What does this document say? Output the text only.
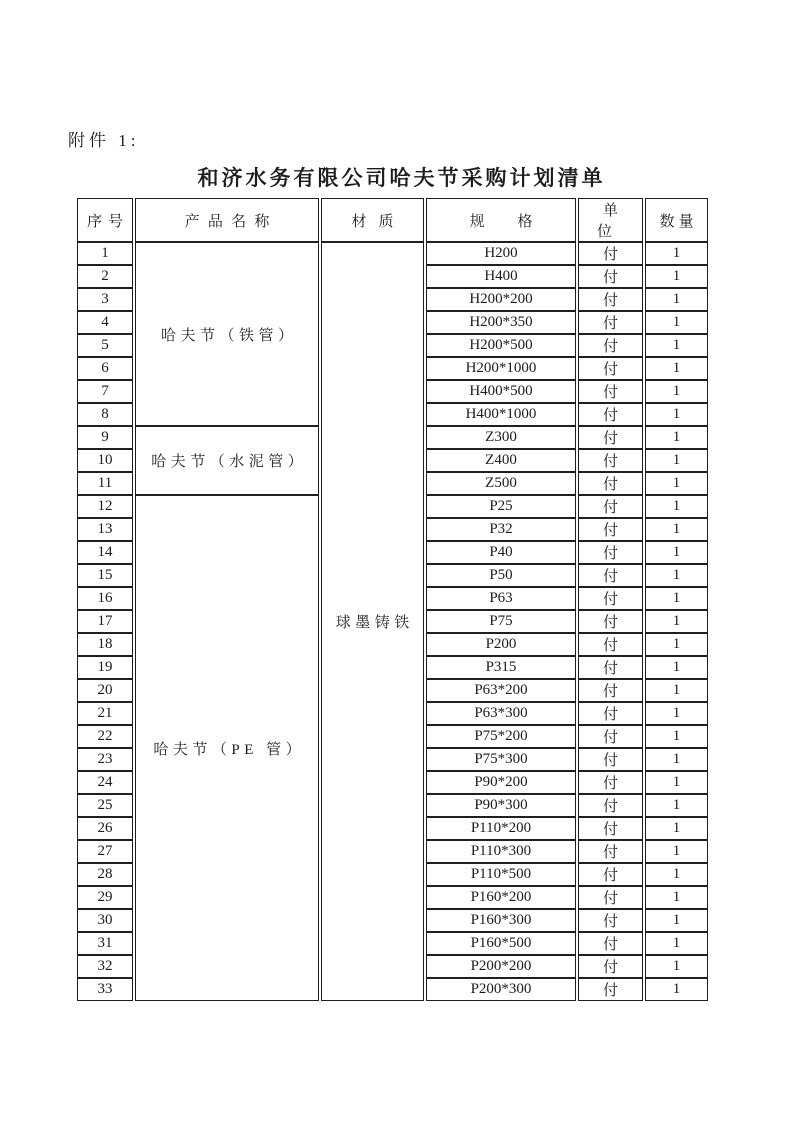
附件 1:
和济水务有限公司哈夫节采购计划清单
序号	产品名称	材质	规格	单位	数量
1	哈夫节（铁管）	球墨铸铁	H200	付	1
2			H400	付	1
3			H200*200	付	1
4			H200*350	付	1
5			H200*500	付	1
6			H200*1000	付	1
7			H400*500	付	1
8			H400*1000	付	1
9	哈夫节（水泥管）		Z300	付	1
10			Z400	付	1
11			Z500	付	1
12	哈夫节（PE 管）		P25	付	1
13			P32	付	1
14			P40	付	1
15			P50	付	1
16			P63	付	1
17			P75	付	1
18			P200	付	1
19			P315	付	1
20			P63*200	付	1
21			P63*300	付	1
22			P75*200	付	1
23			P75*300	付	1
24			P90*200	付	1
25			P90*300	付	1
26			P110*200	付	1
27			P110*300	付	1
28			P110*500	付	1
29			P160*200	付	1
30			P160*300	付	1
31			P160*500	付	1
32			P200*200	付	1
33			P200*300	付	1
